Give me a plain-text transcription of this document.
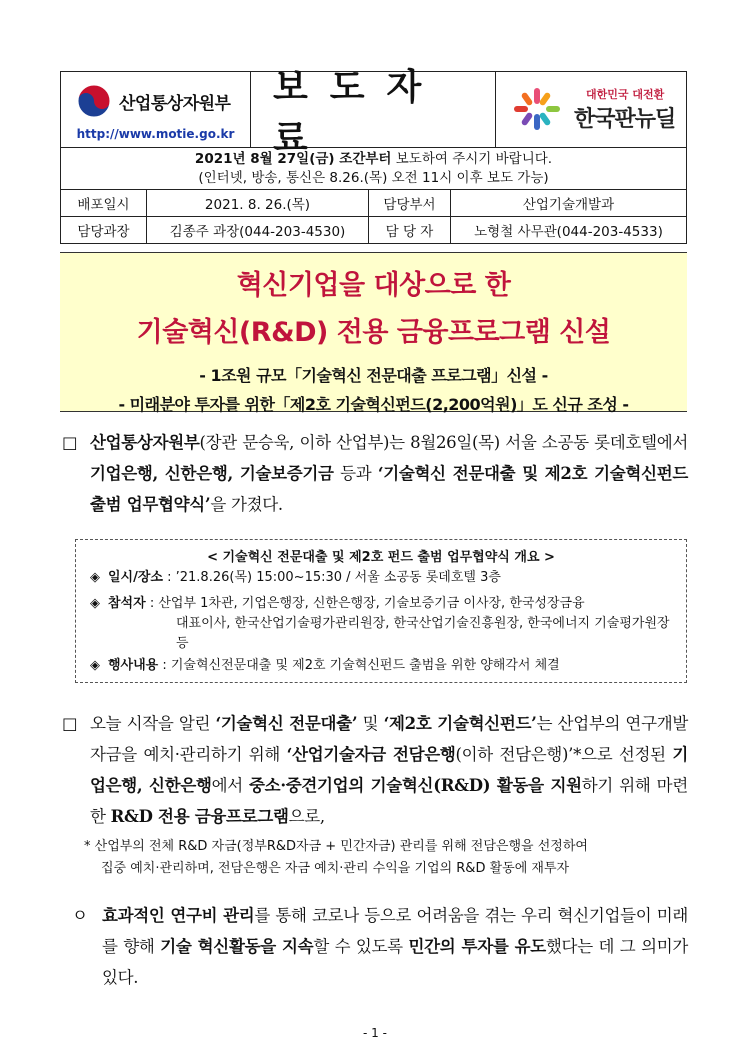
산업통상자원부
http://www.motie.go.kr
보도자료
대한민국 대전환
한국판뉴딜
2021년 8월 27일(금) 조간부터 보도하여 주시기 바랍니다.
(인터넷, 방송, 통신은 8.26.(목) 오전 11시 이후 보도 가능)
배포일시	2021. 8. 26.(목)	담당부서	산업기술개발과
담당과장	김종주 과장(044-203-4530)	담 당 자	노형철 사무관(044-203-4533)
혁신기업을 대상으로 한
기술혁신(R&D) 전용 금융프로그램 신설
- 1조원 규모「기술혁신 전문대출 프로그램」신설 -
- 미래분야 투자를 위한「제2호 기술혁신펀드(2,200억원)」도 신규 조성 -
□ 산업통상자원부(장관 문승욱, 이하 산업부)는 8월26일(목) 서울 소공동 롯데호텔에서 기업은행, 신한은행, 기술보증기금 등과 ‘기술혁신 전문대출 및 제2호 기술혁신펀드 출범 업무협약식’을 가졌다.
< 기술혁신 전문대출 및 제2호 펀드 출범 업무협약식 개요 >
◈ 일시/장소 : ’21.8.26(목) 15:00~15:30 / 서울 소공동 롯데호텔 3층
◈ 참석자 : 산업부 1차관, 기업은행장, 신한은행장, 기술보증기금 이사장, 한국성장금융
대표이사, 한국산업기술평가관리원장, 한국산업기술진흥원장, 한국에너지 기술평가원장 등
◈ 행사내용 : 기술혁신전문대출 및 제2호 기술혁신펀드 출범을 위한 양해각서 체결
□ 오늘 시작을 알린 ‘기술혁신 전문대출’ 및 ‘제2호 기술혁신펀드’는 산업부의 연구개발 자금을 예치·관리하기 위해 ‘산업기술자금 전담은행(이하 전담은행)’*으로 선정된 기업은행, 신한은행에서 중소·중견기업의 기술혁신(R&D) 활동을 지원하기 위해 마련한 R&D 전용 금융프로그램으로,
* 산업부의 전체 R&D 자금(정부R&D자금 + 민간자금) 관리를 위해 전담은행을 선정하여
집중 예치·관리하며, 전담은행은 자금 예치·관리 수익을 기업의 R&D 활동에 재투자
ㅇ 효과적인 연구비 관리를 통해 코로나 등으로 어려움을 겪는 우리 혁신기업들이 미래를 향해 기술 혁신활동을 지속할 수 있도록 민간의 투자를 유도했다는 데 그 의미가 있다.
- 1 -
